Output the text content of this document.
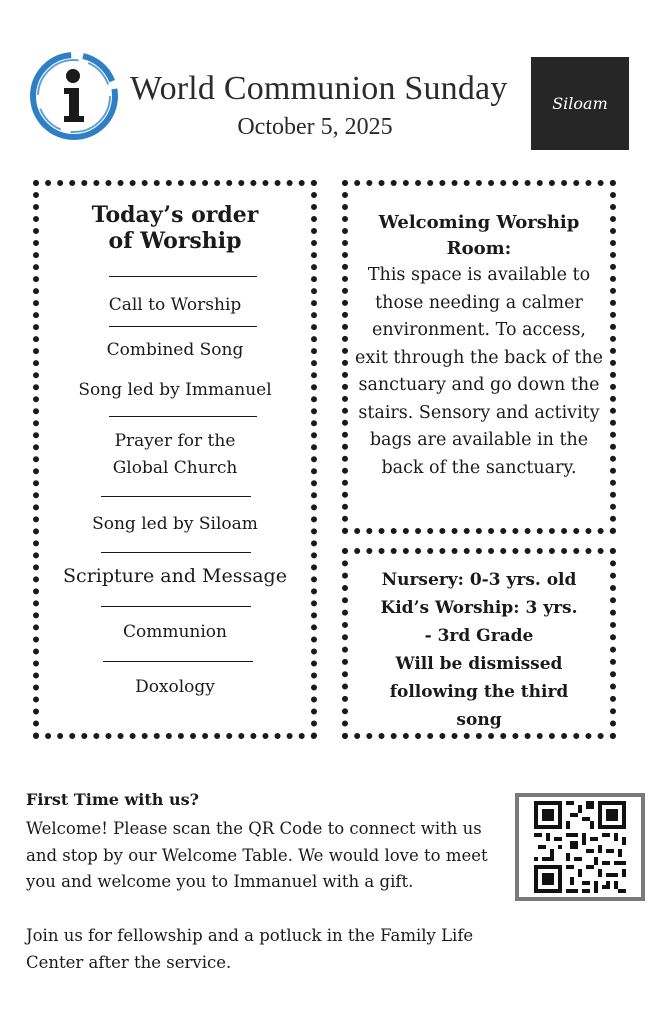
World Communion Sunday
October 5, 2025
Siloam
Today’s order
of Worship
Call to Worship
Combined Song
Song led by Immanuel
Prayer for the
Global Church
Song led by Siloam
Scripture and Message
Communion
Doxology
Welcoming Worship
Room:
This space is available to those needing a calmer environment. To access, exit through the back of the sanctuary and go down the stairs. Sensory and activity bags are available in the back of the sanctuary.
Nursery: 0-3 yrs. old
Kid’s Worship: 3 yrs.
- 3rd Grade
Will be dismissed
following the third
song
First Time with us?
Welcome! Please scan the QR Code to connect with us and stop by our Welcome Table. We would love to meet you and welcome you to Immanuel with a gift.
Join us for fellowship and a potluck in the Family Life Center after the service.
